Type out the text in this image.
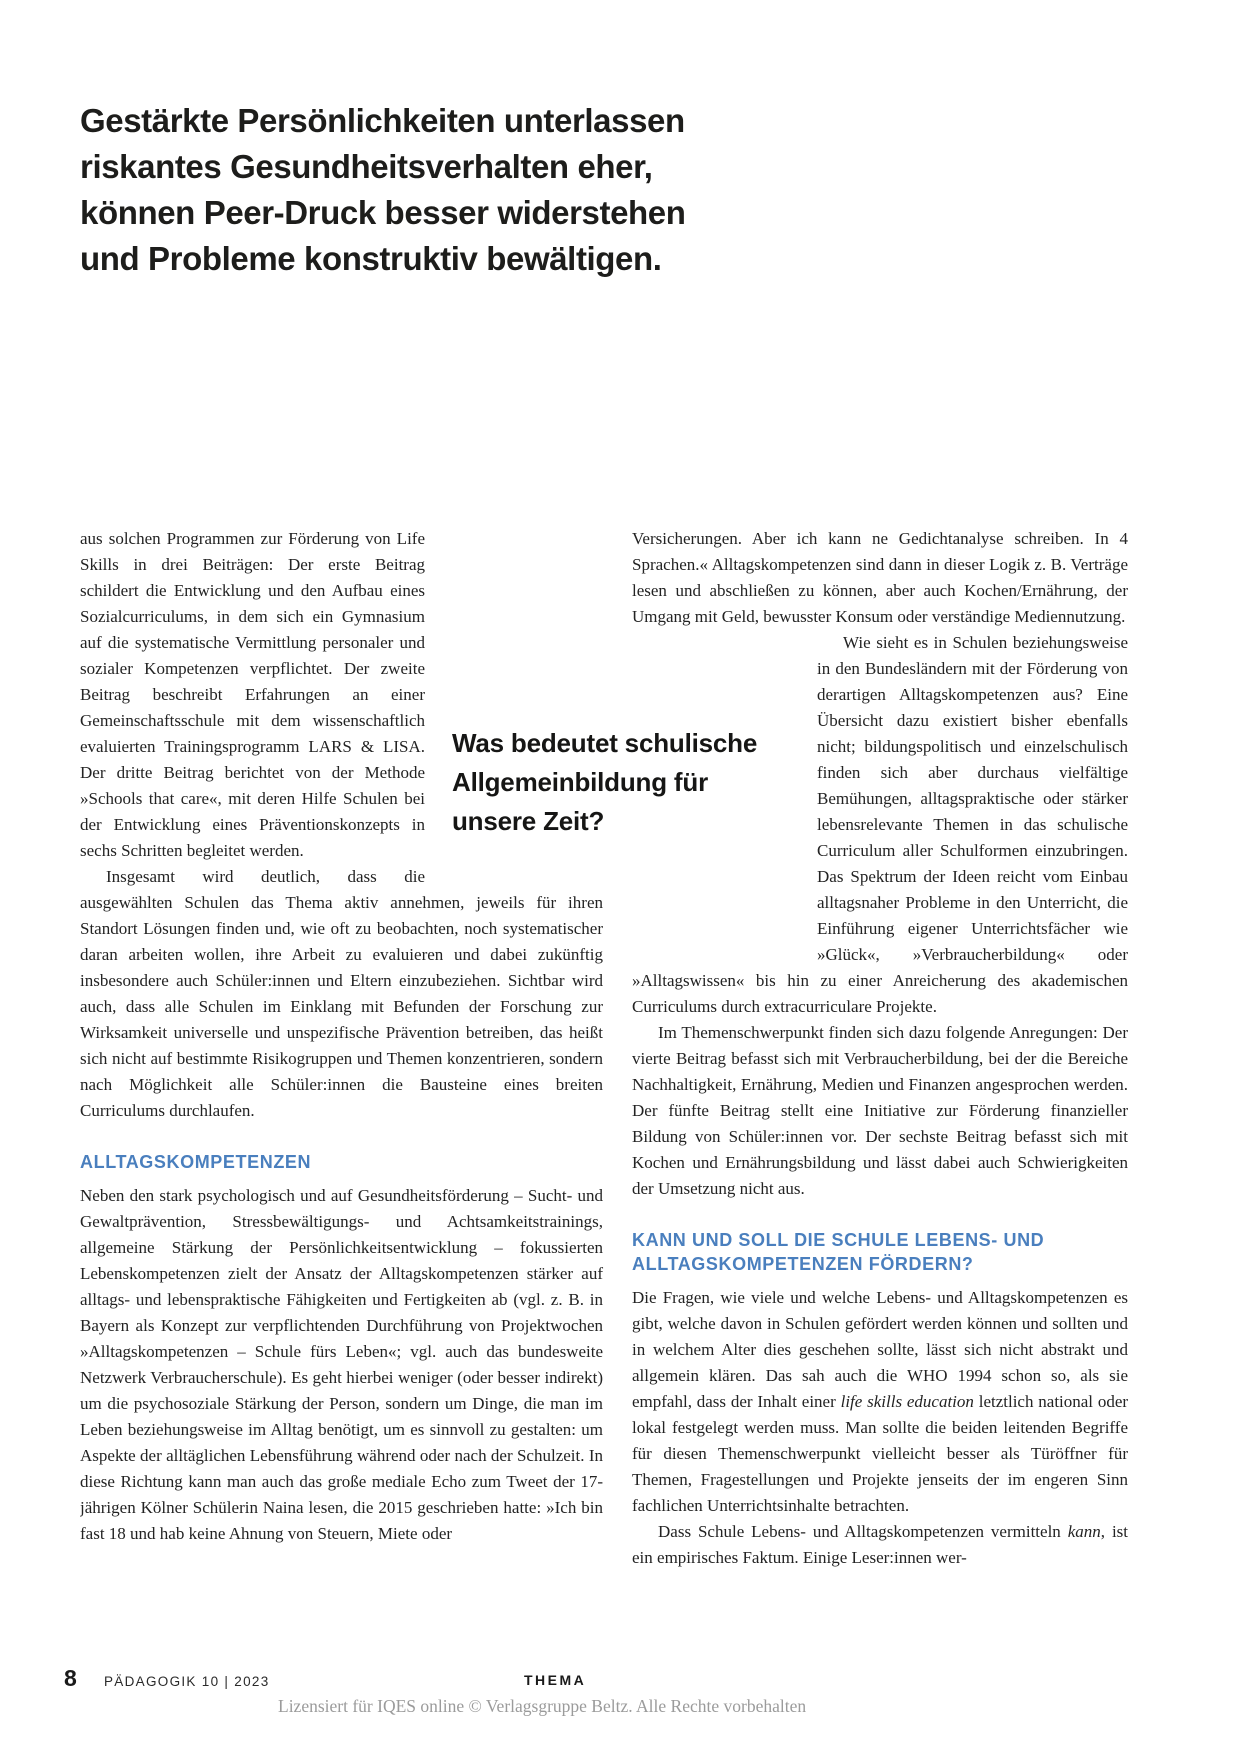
Gestärkte Persönlichkeiten unterlassen
riskantes Gesundheitsverhalten eher,
können Peer-Druck besser widerstehen
und Probleme konstruktiv bewältigen.

aus solchen Programmen zur Förderung von Life Skills in drei Beiträgen: Der erste Beitrag schildert die Entwicklung und den Aufbau eines Sozialcurriculums, in dem sich ein Gymnasium auf die systematische Vermittlung personaler und sozialer Kompetenzen verpflichtet. Der zweite Beitrag beschreibt Erfahrungen an einer Gemeinschaftsschule mit dem wissenschaftlich evaluierten Trainingsprogramm LARS & LISA. Der dritte Beitrag berichtet von der Methode »Schools that care«, mit deren Hilfe Schulen bei der Entwicklung eines Präventionskonzepts in sechs Schritten begleitet werden.

Insgesamt wird deutlich, dass die ausgewählten Schulen das Thema aktiv annehmen, jeweils für ihren Standort Lösungen finden und, wie oft zu beobachten, noch systematischer daran arbeiten wollen, ihre Arbeit zu evaluieren und dabei zukünftig insbesondere auch Schüler:innen und Eltern einzubeziehen. Sichtbar wird auch, dass alle Schulen im Einklang mit Befunden der Forschung zur Wirksamkeit universelle und unspezifische Prävention betreiben, das heißt sich nicht auf bestimmte Risikogruppen und Themen konzentrieren, sondern nach Möglichkeit alle Schüler:innen die Bausteine eines breiten Curriculums durchlaufen.

ALLTAGSKOMPETENZEN

Neben den stark psychologisch und auf Gesundheitsförderung – Sucht- und Gewaltprävention, Stressbewältigungs- und Achtsamkeitstrainings, allgemeine Stärkung der Persönlichkeitsentwicklung – fokussierten Lebenskompetenzen zielt der Ansatz der Alltagskompetenzen stärker auf alltags- und lebenspraktische Fähigkeiten und Fertigkeiten ab (vgl. z. B. in Bayern als Konzept zur verpflichtenden Durchführung von Projektwochen »Alltagskompetenzen – Schule fürs Leben«; vgl. auch das bundesweite Netzwerk Verbraucherschule). Es geht hierbei weniger (oder besser indirekt) um die psychosoziale Stärkung der Person, sondern um Dinge, die man im Leben beziehungsweise im Alltag benötigt, um es sinnvoll zu gestalten: um Aspekte der alltäglichen Lebensführung während oder nach der Schulzeit. In diese Richtung kann man auch das große mediale Echo zum Tweet der 17-jährigen Kölner Schülerin Naina lesen, die 2015 geschrieben hatte: »Ich bin fast 18 und hab keine Ahnung von Steuern, Miete oder

Versicherungen. Aber ich kann ne Gedichtanalyse schreiben. In 4 Sprachen.« Alltagskompetenzen sind dann in dieser Logik z. B. Verträge lesen und abschließen zu können, aber auch Kochen/Ernährung, der Umgang mit Geld, bewusster Konsum oder verständige Mediennutzung.

Wie sieht es in Schulen beziehungsweise in den Bundesländern mit der Förderung von derartigen Alltagskompetenzen aus? Eine Übersicht dazu existiert bisher ebenfalls nicht; bildungspolitisch und einzelschulisch finden sich aber durchaus vielfältige Bemühungen, alltagspraktische oder stärker lebensrelevante Themen in das schulische Curriculum aller Schulformen einzubringen. Das Spektrum der Ideen reicht vom Einbau alltagsnaher Probleme in den Unterricht, die Einführung eigener Unterrichtsfächer wie »Glück«, »Verbraucherbildung« oder »Alltagswissen« bis hin zu einer Anreicherung des akademischen Curriculums durch extracurriculare Projekte.

Im Themenschwerpunkt finden sich dazu folgende Anregungen: Der vierte Beitrag befasst sich mit Verbraucherbildung, bei der die Bereiche Nachhaltigkeit, Ernährung, Medien und Finanzen angesprochen werden. Der fünfte Beitrag stellt eine Initiative zur Förderung finanzieller Bildung von Schüler:innen vor. Der sechste Beitrag befasst sich mit Kochen und Ernährungsbildung und lässt dabei auch Schwierigkeiten der Umsetzung nicht aus.

KANN UND SOLL DIE SCHULE LEBENS- UND ALLTAGSKOMPETENZEN FÖRDERN?

Die Fragen, wie viele und welche Lebens- und Alltagskompetenzen es gibt, welche davon in Schulen gefördert werden können und sollten und in welchem Alter dies geschehen sollte, lässt sich nicht abstrakt und allgemein klären. Das sah auch die WHO 1994 schon so, als sie empfahl, dass der Inhalt einer life skills education letztlich national oder lokal festgelegt werden muss. Man sollte die beiden leitenden Begriffe für diesen Themenschwerpunkt vielleicht besser als Türöffner für Themen, Fragestellungen und Projekte jenseits der im engeren Sinn fachlichen Unterrichtsinhalte betrachten.

Dass Schule Lebens- und Alltagskompetenzen vermitteln kann, ist ein empirisches Faktum. Einige Leser:innen wer-

Was bedeutet schulische Allgemeinbildung für unsere Zeit?
8 PÄDAGOGIK 10 | 2023	THEMA
Lizensiert für IQES online © Verlagsgruppe Beltz. Alle Rechte vorbehalten
